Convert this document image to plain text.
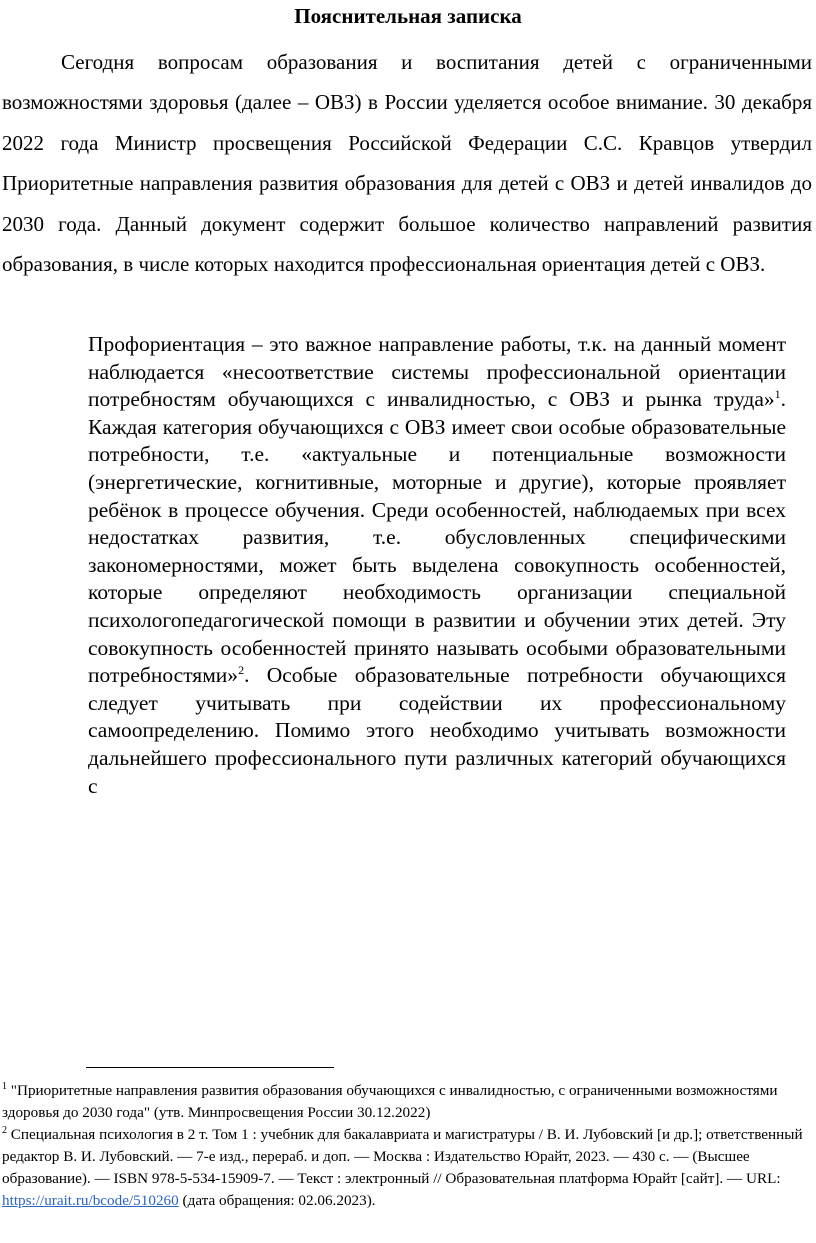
Пояснительная записка

Сегодня вопросам образования и воспитания детей с ограниченными возможностями здоровья (далее – ОВЗ) в России уделяется особое внимание. 30 декабря 2022 года Министр просвещения Российской Федерации С.С. Кравцов утвердил Приоритетные направления развития образования для детей с ОВЗ и детей инвалидов до 2030 года. Данный документ содержит большое количество направлений развития образования, в числе которых находится профессиональная ориентация детей с ОВЗ.

Профориентация – это важное направление работы, т.к. на данный момент наблюдается «несоответствие системы профессиональной ориентации потребностям обучающихся с инвалидностью, с ОВЗ и рынка труда»$^1$. Каждая категория обучающихся с ОВЗ имеет свои особые образовательные потребности, т.е. «актуальные и потенциальные возможности (энергетические, когнитивные, моторные и другие), которые проявляет ребёнок в процессе обучения. Среди особенностей, наблюдаемых при всех недостатках развития, т.е. обусловленных специфическими закономерностями, может быть выделена совокупность особенностей, которые определяют необходимость организации специальной психологопедагогической помощи в развитии и обучении этих детей. Эту совокупность особенностей принято называть особыми образовательными потребностями»$^2$. Особые образовательные потребности обучающихся следует учитывать при содействии их профессиональному самоопределению. Помимо этого необходимо учитывать возможности дальнейшего профессионального пути различных категорий обучающихся с

$^1$ "Приоритетные направления развития образования обучающихся с инвалидностью, с ограниченными возможностями здоровья до 2030 года" (утв. Минпросвещения России 30.12.2022)

$^2$ Специальная психология в 2 т. Том 1 : учебник для бакалавриата и магистратуры / В. И. Лубовский [и др.]; ответственный редактор В. И. Лубовский. — 7-е изд., перераб. и доп. — Москва : Издательство Юрайт, 2023. — 430 с. — (Высшее образование). — ISBN 978-5-534-15909-7. — Текст : электронный // Образовательная платформа Юрайт [сайт]. — URL: https://urait.ru/bcode/510260 (дата обращения: 02.06.2023).
